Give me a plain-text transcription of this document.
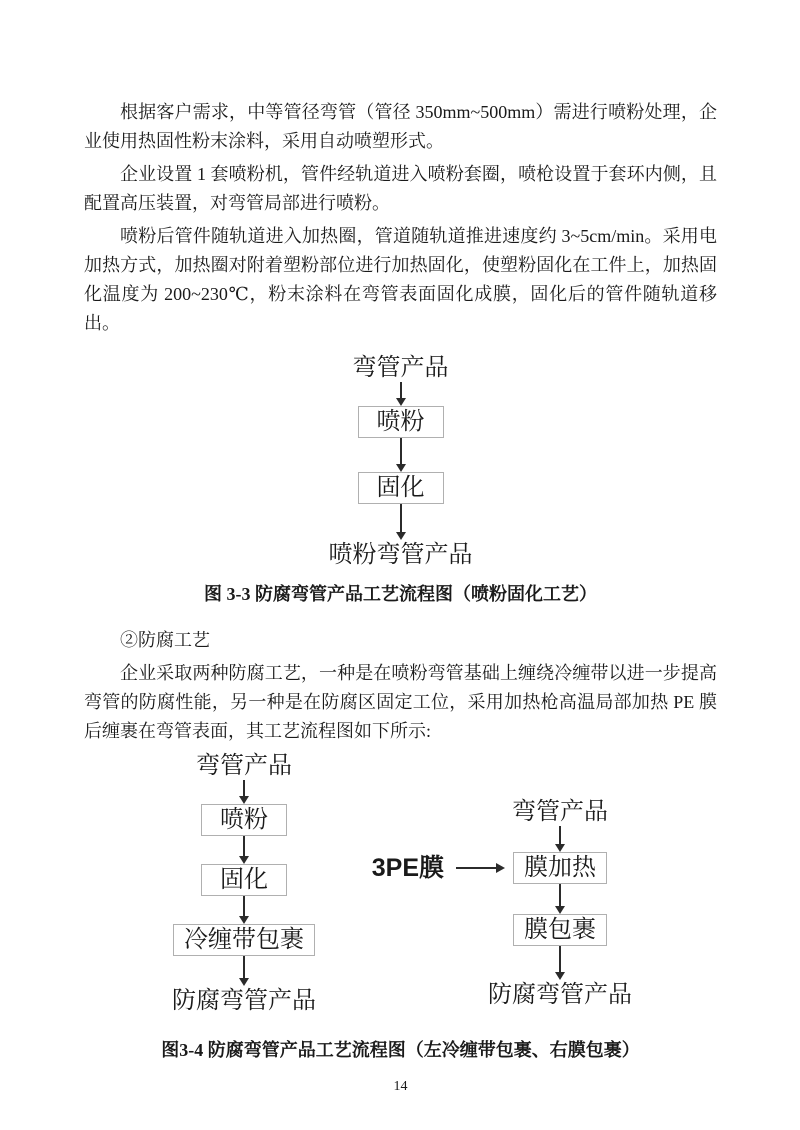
根据客户需求，中等管径弯管（管径 350mm~500mm）需进行喷粉处理，企业使用热固性粉末涂料，采用自动喷塑形式。

企业设置 1 套喷粉机，管件经轨道进入喷粉套圈，喷枪设置于套环内侧，且配置高压装置，对弯管局部进行喷粉。

喷粉后管件随轨道进入加热圈，管道随轨道推进速度约 3~5cm/min。采用电加热方式，加热圈对附着塑粉部位进行加热固化，使塑粉固化在工件上，加热固化温度为 200~230℃，粉末涂料在弯管表面固化成膜，固化后的管件随轨道移出。

弯管产品
喷粉
固化
喷粉弯管产品

图 3-3 防腐弯管产品工艺流程图（喷粉固化工艺）

②防腐工艺

企业采取两种防腐工艺，一种是在喷粉弯管基础上缠绕冷缠带以进一步提高弯管的防腐性能，另一种是在防腐区固定工位，采用加热枪高温局部加热 PE 膜后缠裹在弯管表面，其工艺流程图如下所示:

弯管产品
喷粉
固化
冷缠带包裹
防腐弯管产品
弯管产品
膜加热
3PE膜
膜包裹
防腐弯管产品

图3-4 防腐弯管产品工艺流程图（左冷缠带包裹、右膜包裹）

14
